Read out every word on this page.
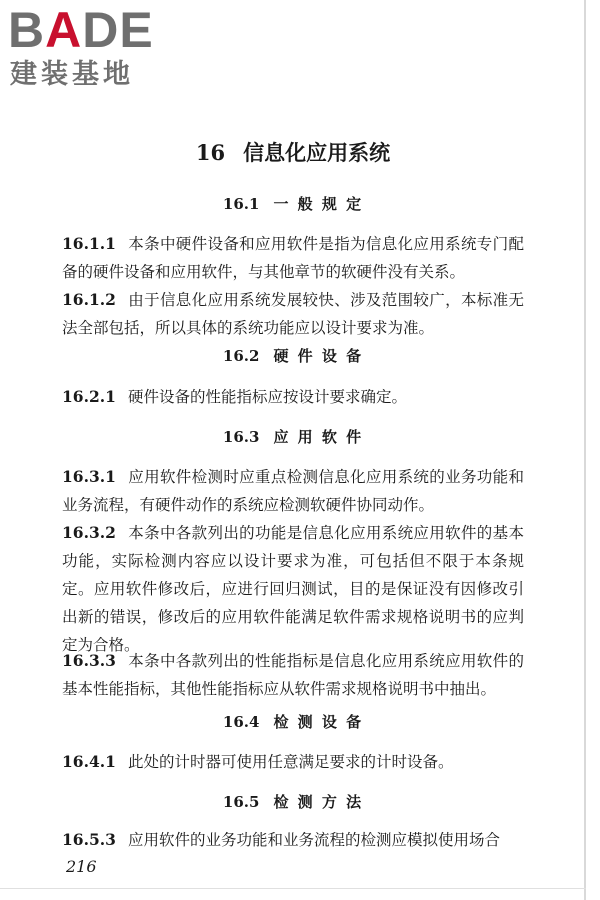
BADE
建装基地
16 信息化应用系统
16.1 一 般 规 定
16.1.1 本条中硬件设备和应用软件是指为信息化应用系统专门配备的硬件设备和应用软件，与其他章节的软硬件没有关系。
16.1.2 由于信息化应用系统发展较快、涉及范围较广，本标准无法全部包括，所以具体的系统功能应以设计要求为准。
16.2 硬 件 设 备
16.2.1 硬件设备的性能指标应按设计要求确定。
16.3 应 用 软 件
16.3.1 应用软件检测时应重点检测信息化应用系统的业务功能和业务流程，有硬件动作的系统应检测软硬件协同动作。
16.3.2 本条中各款列出的功能是信息化应用系统应用软件的基本功能，实际检测内容应以设计要求为准，可包括但不限于本条规定。应用软件修改后，应进行回归测试，目的是保证没有因修改引出新的错误，修改后的应用软件能满足软件需求规格说明书的应判定为合格。
16.3.3 本条中各款列出的性能指标是信息化应用系统应用软件的基本性能指标，其他性能指标应从软件需求规格说明书中抽出。
16.4 检 测 设 备
16.4.1 此处的计时器可使用任意满足要求的计时设备。
16.5 检 测 方 法
16.5.3 应用软件的业务功能和业务流程的检测应模拟使用场合
216
